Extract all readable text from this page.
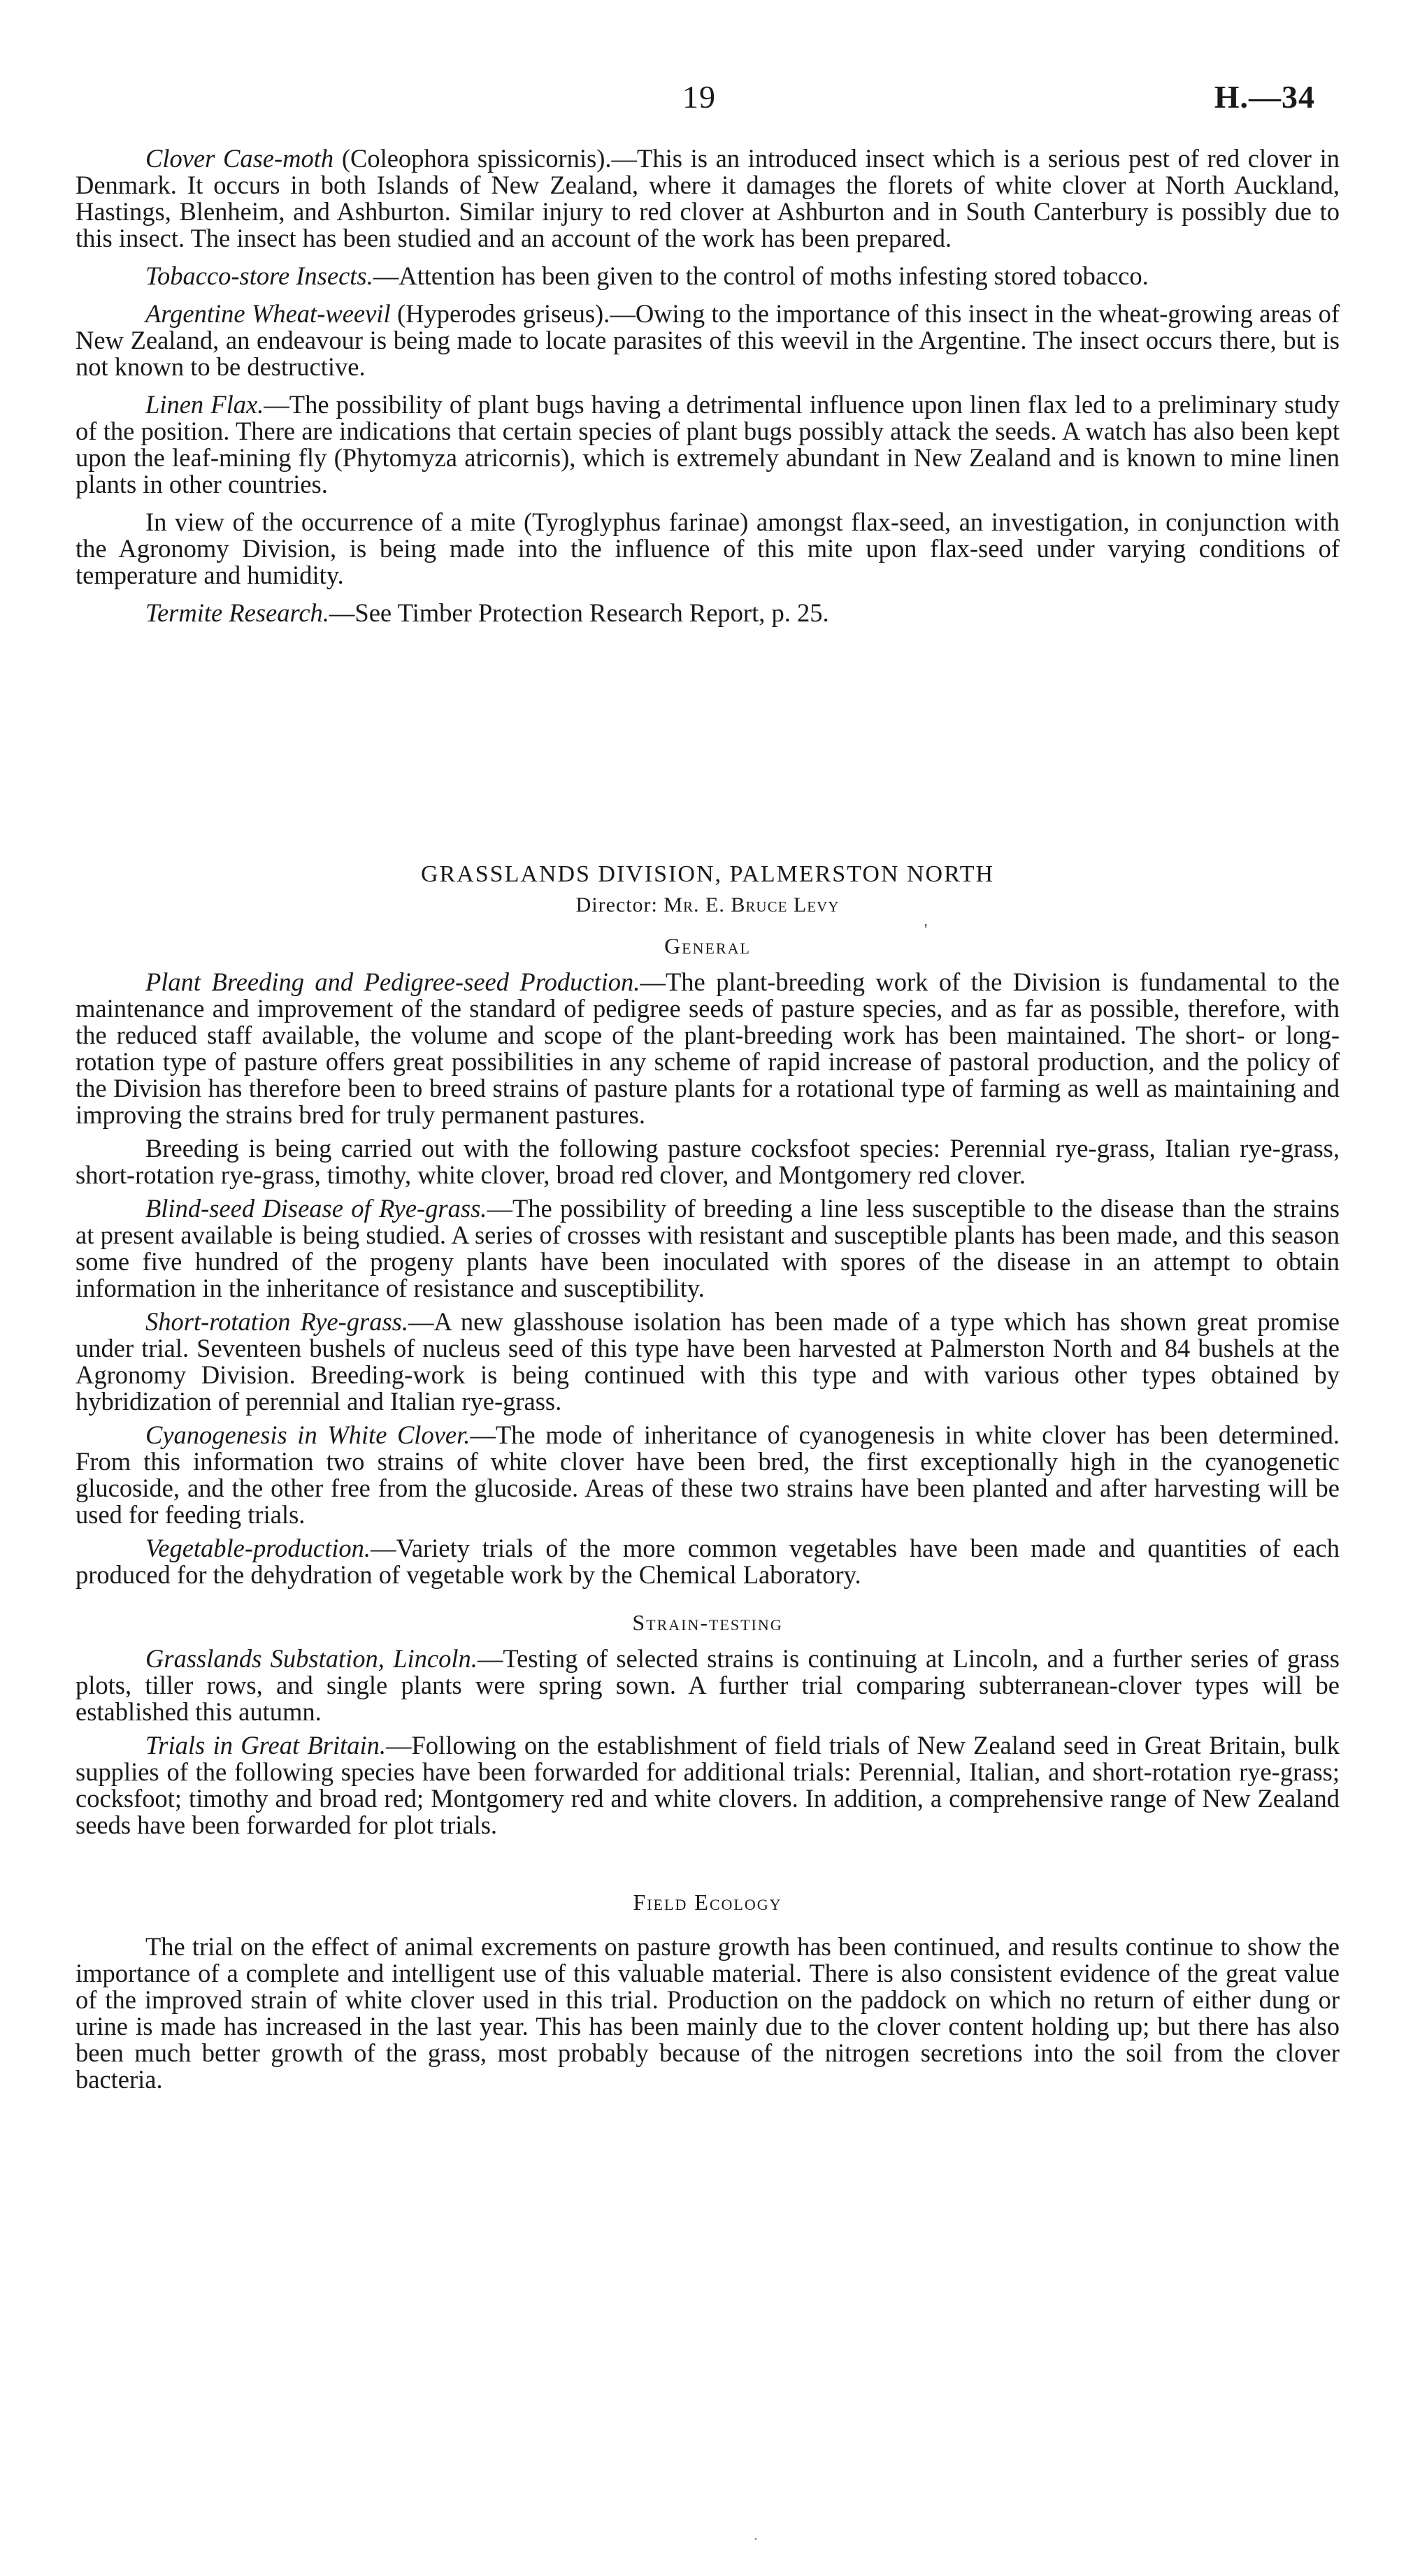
19	H.—34

Clover Case-moth (Coleophora spissicornis).—This is an introduced insect which is a serious pest of red clover in Denmark. It occurs in both Islands of New Zealand, where it damages the florets of white clover at North Auckland, Hastings, Blenheim, and Ashburton. Similar injury to red clover at Ashburton and in South Canterbury is possibly due to this insect. The insect has been studied and an account of the work has been prepared.

Tobacco-store Insects.—Attention has been given to the control of moths infesting stored tobacco.

Argentine Wheat-weevil (Hyperodes griseus).—Owing to the importance of this insect in the wheat-growing areas of New Zealand, an endeavour is being made to locate parasites of this weevil in the Argentine. The insect occurs there, but is not known to be destructive.

Linen Flax.—The possibility of plant bugs having a detrimental influence upon linen flax led to a preliminary study of the position. There are indications that certain species of plant bugs possibly attack the seeds. A watch has also been kept upon the leaf-mining fly (Phytomyza atricornis), which is extremely abundant in New Zealand and is known to mine linen plants in other countries.

In view of the occurrence of a mite (Tyroglyphus farinae) amongst flax-seed, an investigation, in conjunction with the Agronomy Division, is being made into the influence of this mite upon flax-seed under varying conditions of temperature and humidity.

Termite Research.—See Timber Protection Research Report, p. 25.

GRASSLANDS DIVISION, PALMERSTON NORTH
Director: Mr. E. Bruce Levy
General

Plant Breeding and Pedigree-seed Production.—The plant-breeding work of the Division is fundamental to the maintenance and improvement of the standard of pedigree seeds of pasture species, and as far as possible, therefore, with the reduced staff available, the volume and scope of the plant-breeding work has been maintained. The short- or long-rotation type of pasture offers great possibilities in any scheme of rapid increase of pastoral production, and the policy of the Division has therefore been to breed strains of pasture plants for a rotational type of farming as well as maintaining and improving the strains bred for truly permanent pastures.

Breeding is being carried out with the following pasture cocksfoot species: Perennial rye-grass, Italian rye-grass, short-rotation rye-grass, timothy, white clover, broad red clover, and Montgomery red clover.

Blind-seed Disease of Rye-grass.—The possibility of breeding a line less susceptible to the disease than the strains at present available is being studied. A series of crosses with resistant and susceptible plants has been made, and this season some five hundred of the progeny plants have been inoculated with spores of the disease in an attempt to obtain information in the inheritance of resistance and susceptibility.

Short-rotation Rye-grass.—A new glasshouse isolation has been made of a type which has shown great promise under trial. Seventeen bushels of nucleus seed of this type have been harvested at Palmerston North and 84 bushels at the Agronomy Division. Breeding-work is being continued with this type and with various other types obtained by hybridization of perennial and Italian rye-grass.

Cyanogenesis in White Clover.—The mode of inheritance of cyanogenesis in white clover has been determined. From this information two strains of white clover have been bred, the first exceptionally high in the cyanogenetic glucoside, and the other free from the glucoside. Areas of these two strains have been planted and after harvesting will be used for feeding trials.

Vegetable-production.—Variety trials of the more common vegetables have been made and quantities of each produced for the dehydration of vegetable work by the Chemical Laboratory.

Strain-testing

Grasslands Substation, Lincoln.—Testing of selected strains is continuing at Lincoln, and a further series of grass plots, tiller rows, and single plants were spring sown. A further trial comparing subterranean-clover types will be established this autumn.

Trials in Great Britain.—Following on the establishment of field trials of New Zealand seed in Great Britain, bulk supplies of the following species have been forwarded for additional trials: Perennial, Italian, and short-rotation rye-grass; cocksfoot; timothy and broad red; Montgomery red and white clovers. In addition, a comprehensive range of New Zealand seeds have been forwarded for plot trials.

Field Ecology

The trial on the effect of animal excrements on pasture growth has been continued, and results continue to show the importance of a complete and intelligent use of this valuable material. There is also consistent evidence of the great value of the improved strain of white clover used in this trial. Production on the paddock on which no return of either dung or urine is made has increased in the last year. This has been mainly due to the clover content holding up; but there has also been much better growth of the grass, most probably because of the nitrogen secretions into the soil from the clover bacteria.

'
·
